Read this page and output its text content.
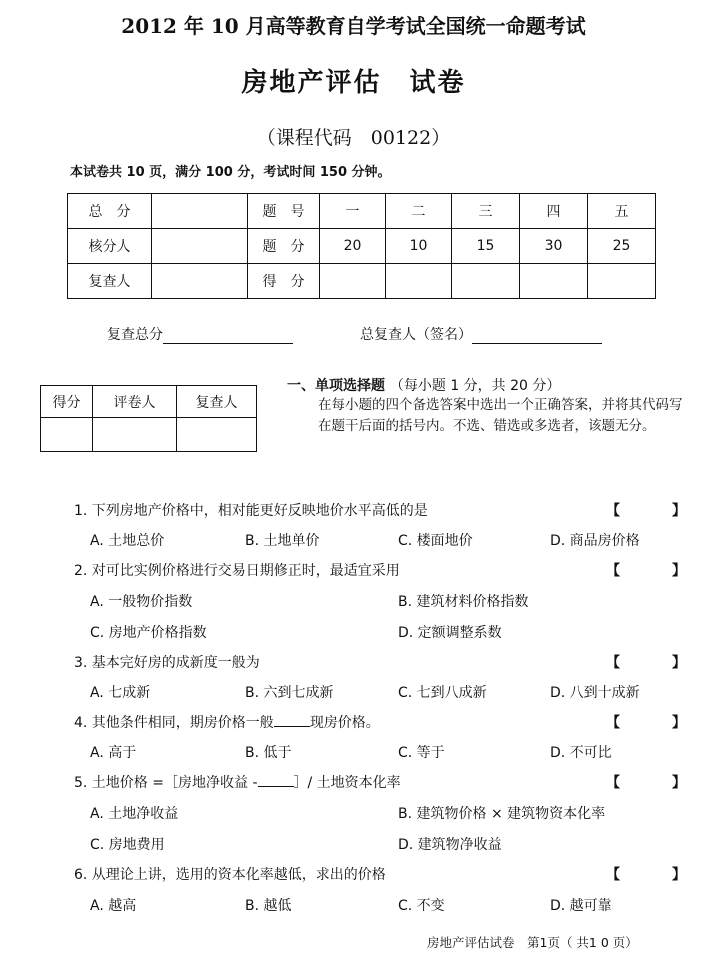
2012 年 10 月高等教育自学考试全国统一命题考试
房地产评估　试卷
（课程代码　00122）
本试卷共 10 页，满分 100 分，考试时间 150 分钟。
总　分		题　号	一	二	三	四	五
核分人		题　分	20	10	15	30	25
复查人		得　分					
复查总分	总复查人（签名）
得分	评卷人	复查人

一、单项选择题 （每小题 1 分，共 20 分）
在每小题的四个备选答案中选出一个正确答案，并将其代码写在题干后面的括号内。不选、错选或多选者，该题无分。
1. 下列房地产价格中，相对能更好反映地价水平高低的是	【	】
A. 土地总价	B. 土地单价	C. 楼面地价	D. 商品房价格
2. 对可比实例价格进行交易日期修正时，最适宜采用	【	】
A. 一般物价指数	B. 建筑材料价格指数
C. 房地产价格指数	D. 定额调整系数
3. 基本完好房的成新度一般为	【	】
A. 七成新	B. 六到七成新	C. 七到八成新	D. 八到十成新
4. 其他条件相同，期房价格一般	现房价格。	【	】
A. 高于	B. 低于	C. 等于	D. 不可比
5. 土地价格 =［房地净收益 -	］/ 土地资本化率	【	】
A. 土地净收益	B. 建筑物价格 × 建筑物资本化率
C. 房地费用	D. 建筑物净收益
6. 从理论上讲，选用的资本化率越低，求出的价格	【	】
A. 越高	B. 越低	C. 不变	D. 越可靠
房地产评估试卷　第1页（ 共1 0 页）
